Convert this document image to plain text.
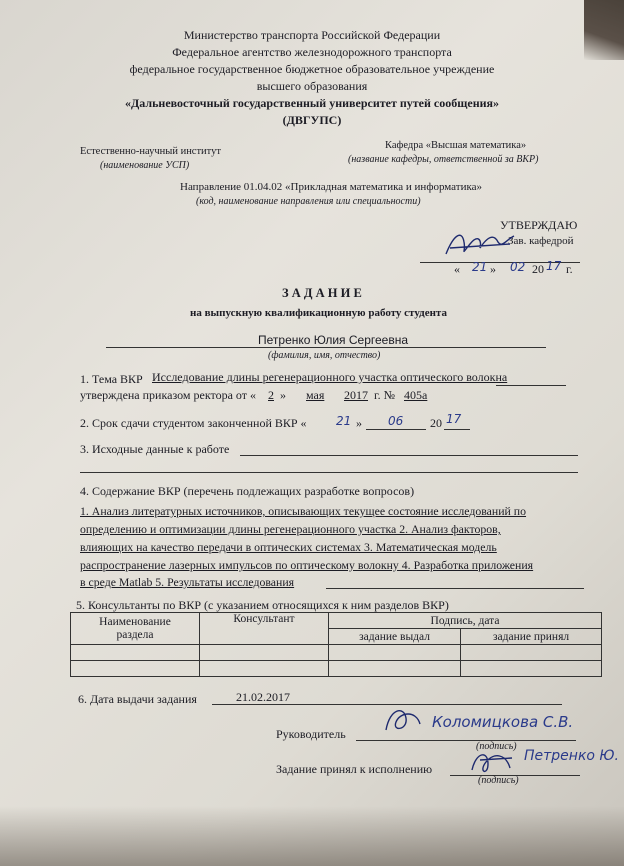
Министерство транспорта Российской Федерации
Федеральное агентство железнодорожного транспорта
федеральное государственное бюджетное образовательное учреждение
высшего образования
«Дальневосточный государственный университет путей сообщения»
(ДВГУПС)
Естественно-научный институт
(наименование УСП)
Кафедра «Высшая математика»
(название кафедры, ответственной за ВКР)
Направление 01.04.02 «Прикладная математика и информатика»
(код, наименование направления или специальности)
УТВЕРЖДАЮ
Зав. кафедрой
« 21 » 02 20 17 г.
З А Д А Н И Е
на выпускную квалификационную работу студента
Петренко Юлия Сергеевна
(фамилия, имя, отчество)
1. Тема ВКР Исследование длины регенерационного участка оптического волокна
утверждена приказом ректора от « 2 » мая 2017 г. № 405а
2. Срок сдачи студентом законченной ВКР « 21 » 06 20 17
3. Исходные данные к работе
4. Содержание ВКР (перечень подлежащих разработке вопросов)
1. Анализ литературных источников, описывающих текущее состояние исследований по
определению и оптимизации длины регенерационного участка 2. Анализ факторов,
влияющих на качество передачи в оптических системах 3. Математическая модель
распространение лазерных импульсов по оптическому волокну 4. Разработка приложения
в среде Matlab 5. Результаты исследования
5. Консультанты по ВКР (с указанием относящихся к ним разделов ВКР)
Наименование
раздела	Консультант	Подпись, дата	
		задание выдал	задание принял

6. Дата выдачи задания	21.02.2017
Руководитель
Коломицкова С.В.
(подпись)
Задание принял к исполнению
Петренко Ю.
(подпись)
